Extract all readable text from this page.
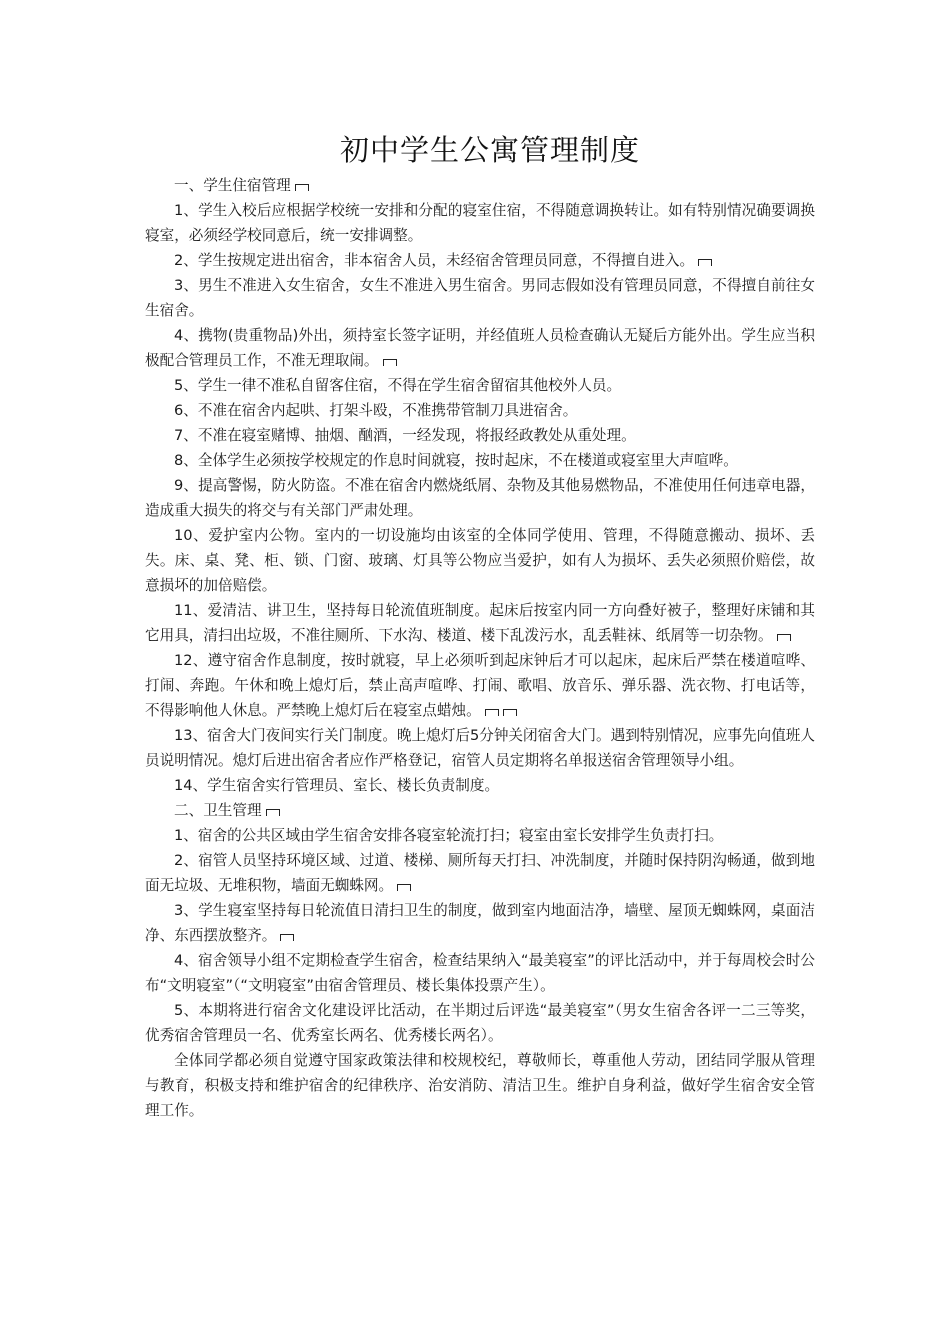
初中学生公寓管理制度

一、学生住宿管理

1、学生入校后应根据学校统一安排和分配的寝室住宿，不得随意调换转让。如有特别情况确要调换寝室，必须经学校同意后，统一安排调整。

2、学生按规定进出宿舍，非本宿舍人员，未经宿舍管理员同意，不得擅自进入。

3、男生不准进入女生宿舍，女生不准进入男生宿舍。男同志假如没有管理员同意，不得擅自前往女生宿舍。

4、携物(贵重物品)外出，须持室长签字证明，并经值班人员检查确认无疑后方能外出。学生应当积极配合管理员工作，不准无理取闹。

5、学生一律不准私自留客住宿，不得在学生宿舍留宿其他校外人员。

6、不准在宿舍内起哄、打架斗殴，不准携带管制刀具进宿舍。

7、不准在寝室赌博、抽烟、酗酒，一经发现，将报经政教处从重处理。

8、全体学生必须按学校规定的作息时间就寝，按时起床，不在楼道或寝室里大声喧哗。

9、提高警惕，防火防盗。不准在宿舍内燃烧纸屑、杂物及其他易燃物品，不准使用任何违章电器，造成重大损失的将交与有关部门严肃处理。

10、爱护室内公物。室内的一切设施均由该室的全体同学使用、管理，不得随意搬动、损坏、丢失。床、桌、凳、柜、锁、门窗、玻璃、灯具等公物应当爱护，如有人为损坏、丢失必须照价赔偿，故意损坏的加倍赔偿。

11、爱清洁、讲卫生，坚持每日轮流值班制度。起床后按室内同一方向叠好被子，整理好床铺和其它用具，清扫出垃圾，不准往厕所、下水沟、楼道、楼下乱泼污水，乱丢鞋袜、纸屑等一切杂物。

12、遵守宿舍作息制度，按时就寝，早上必须听到起床钟后才可以起床，起床后严禁在楼道喧哗、打闹、奔跑。午休和晚上熄灯后，禁止高声喧哗、打闹、歌唱、放音乐、弹乐器、洗衣物、打电话等，不得影响他人休息。严禁晚上熄灯后在寝室点蜡烛。

13、宿舍大门夜间实行关门制度。晚上熄灯后5分钟关闭宿舍大门。遇到特别情况，应事先向值班人员说明情况。熄灯后进出宿舍者应作严格登记，宿管人员定期将名单报送宿舍管理领导小组。

14、学生宿舍实行管理员、室长、楼长负责制度。

二、卫生管理

1、宿舍的公共区域由学生宿舍安排各寝室轮流打扫；寝室由室长安排学生负责打扫。

2、宿管人员坚持环境区域、过道、楼梯、厕所每天打扫、冲洗制度，并随时保持阴沟畅通，做到地面无垃圾、无堆积物，墙面无蜘蛛网。

3、学生寝室坚持每日轮流值日清扫卫生的制度，做到室内地面洁净，墙壁、屋顶无蜘蛛网，桌面洁净、东西摆放整齐。

4、宿舍领导小组不定期检查学生宿舍，检查结果纳入“最美寝室”的评比活动中，并于每周校会时公布“文明寝室”（“文明寝室”由宿舍管理员、楼长集体投票产生）。

5、本期将进行宿舍文化建设评比活动，在半期过后评选“最美寝室”（男女生宿舍各评一二三等奖，优秀宿舍管理员一名、优秀室长两名、优秀楼长两名）。

全体同学都必须自觉遵守国家政策法律和校规校纪，尊敬师长，尊重他人劳动，团结同学服从管理与教育，积极支持和维护宿舍的纪律秩序、治安消防、清洁卫生。维护自身利益，做好学生宿舍安全管理工作。
